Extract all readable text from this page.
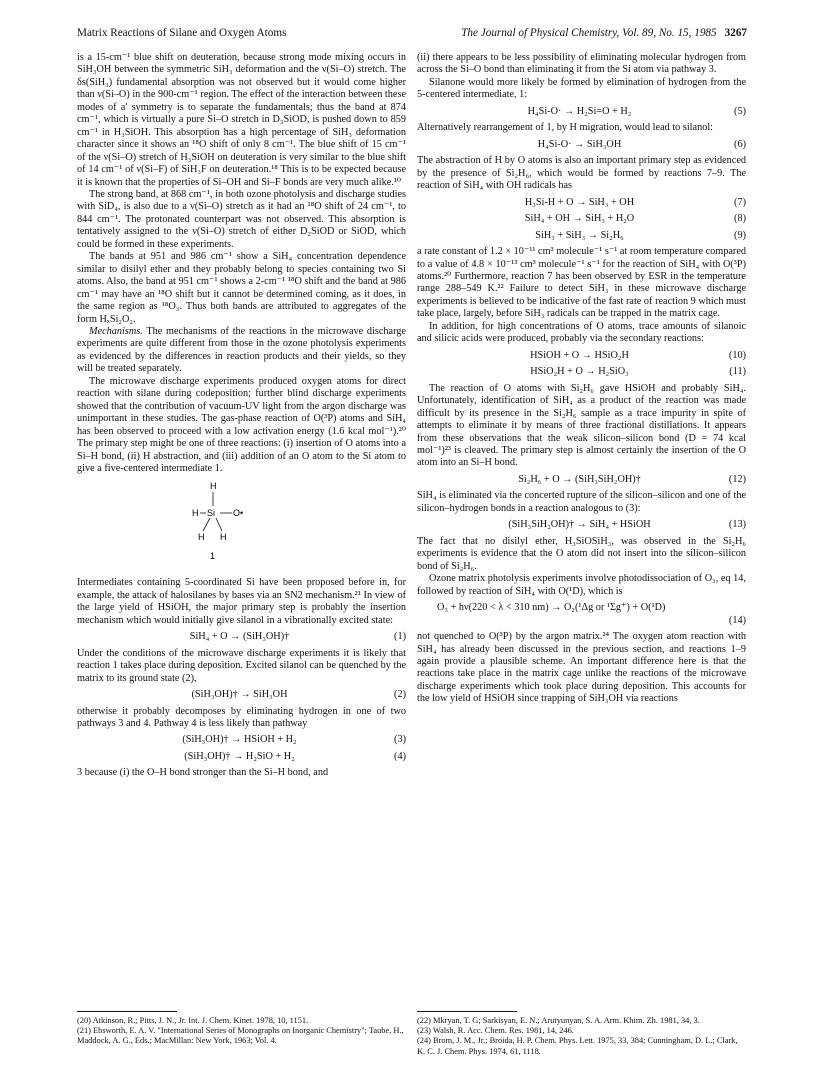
Matrix Reactions of Silane and Oxygen Atoms	The Journal of Physical Chemistry, Vol. 89, No. 15, 1985 3267

is a 15-cm⁻¹ blue shift on deuteration, because strong mode mixing occurs in SiH₃OH between the symmetric SiH₃ deformation and the ν(Si–O) stretch. The δs(SiH₃) fundamental absorption was not observed but it would come higher than ν(Si–O) in the 900-cm⁻¹ region. The effect of the interaction between these modes of a′ symmetry is to separate the fundamentals; thus the band at 874 cm⁻¹, which is virtually a pure Si–O stretch in D₃SiOD, is pushed down to 859 cm⁻¹ in H₃SiOH. This absorption has a high percentage of SiH₃ deformation character since it shows an ¹⁸O shift of only 8 cm⁻¹. The blue shift of 15 cm⁻¹ of the ν(Si–O) stretch of H₃SiOH on deuteration is very similar to the blue shift of 14 cm⁻¹ of ν(Si–F) of SiH₃F on deuteration.¹⁸ This is to be expected because it is known that the properties of Si–OH and Si–F bonds are very much alike.¹⁰

The strong band, at 868 cm⁻¹, in both ozone photolysis and discharge studies with SiD₄, is also due to a ν(Si–O) stretch as it had an ¹⁸O shift of 24 cm⁻¹, to 844 cm⁻¹. The protonated counterpart was not observed. This absorption is tentatively assigned to the ν(Si–O) stretch of either D₂SiOD or SiOD, which could be formed in these experiments.

The bands at 951 and 986 cm⁻¹ show a SiH₄ concentration dependence similar to disilyl ether and they probably belong to species containing two Si atoms. Also, the band at 951 cm⁻¹ shows a 2-cm⁻¹ ¹⁸O shift and the band at 986 cm⁻¹ may have an ¹⁸O shift but it cannot be determined coming, as it does, in the same region as ¹⁸O₃. Thus both bands are attributed to aggregates of the form HₓSi₂O₂.

Mechanisms. The mechanisms of the reactions in the microwave discharge experiments are quite different from those in the ozone photolysis experiments as evidenced by the differences in reaction products and their yields, so they will be treated separately.

The microwave discharge experiments produced oxygen atoms for direct reaction with silane during codeposition; further blind discharge experiments showed that the contribution of vacuum-UV light from the argon discharge was unimportant in these studies. The gas-phase reaction of O(³P) atoms and SiH₄ has been observed to proceed with a low activation energy (1.6 kcal mol⁻¹).²⁰ The primary step might be one of three reactions: (i) insertion of O atoms into a Si–H bond, (ii) H abstraction, and (iii) addition of an O atom to the Si atom to give a five-centered intermediate 1.

H
H Si O•
H H
1

Intermediates containing 5-coordinated Si have been proposed before in, for example, the attack of halosilanes by bases via an SN2 mechanism.²¹ In view of the large yield of HSiOH, the major primary step is probably the insertion mechanism which would initially give silanol in a vibrationally excited state:

SiH₄ + O → (SiH₃OH)†	(1)

Under the conditions of the microwave discharge experiments it is likely that reaction 1 takes place during deposition. Excited silanol can be quenched by the matrix to its ground state (2),

(SiH₃OH)† → SiH₃OH	(2)

otherwise it probably decomposes by eliminating hydrogen in one of two pathways 3 and 4. Pathway 4 is less likely than pathway

(SiH₃OH)† → HSiOH + H₂	(3)
(SiH₃OH)† → H₂SiO + H₂	(4)

3 because (i) the O–H bond stronger than the Si–H bond, and

(ii) there appears to be less possibility of eliminating molecular hydrogen from across the Si–O bond than eliminating it from the Si atom via pathway 3.

Silanone would more likely be formed by elimination of hydrogen from the 5-centered intermediate, 1:

H₄Si-O· → H₂Si=O + H₂	(5)

Alternatively rearrangement of 1, by H migration, would lead to silanol:

H₄Si-O· → SiH₃OH	(6)

The abstraction of H by O atoms is also an important primary step as evidenced by the presence of Si₂H₆, which would be formed by reactions 7–9. The reaction of SiH₄ with OH radicals has

H₃Si-H + O → SiH₃ + OH	(7)
SiH₄ + OH → SiH₃ + H₂O	(8)
SiH₃ + SiH₃ → Si₂H₆	(9)

a rate constant of 1.2 × 10⁻¹¹ cm³ molecule⁻¹ s⁻¹ at room temperature compared to a value of 4.8 × 10⁻¹³ cm³ molecule⁻¹ s⁻¹ for the reaction of SiH₄ with O(³P) atoms.²⁰ Furthermore, reaction 7 has been observed by ESR in the temperature range 288–549 K.²² Failure to detect SiH₃ in these microwave discharge experiments is believed to be indicative of the fast rate of reaction 9 which must take place, largely, before SiH₃ radicals can be trapped in the matrix cage.

In addition, for high concentrations of O atoms, trace amounts of silanoic and silicic acids were produced, probably via the secondary reactions:

HSiOH + O → HSiO₂H	(10)
HSiO₂H + O → H₂SiO₃	(11)

The reaction of O atoms with Si₂H₆ gave HSiOH and probably SiH₄. Unfortunately, identification of SiH₄ as a product of the reaction was made difficult by its presence in the Si₂H₆ sample as a trace impurity in spite of attempts to eliminate it by means of three fractional distillations. It appears from these observations that the weak silicon–silicon bond (D = 74 kcal mol⁻¹)²³ is cleaved. The primary step is almost certainly the insertion of the O atom into an Si–H bond.

Si₂H₆ + O → (SiH₃SiH₂OH)†	(12)

SiH₄ is eliminated via the concerted rupture of the silicon–silicon and one of the silicon–hydrogen bonds in a reaction analogous to (3):

(SiH₃SiH₂OH)† → SiH₄ + HSiOH	(13)

The fact that no disilyl ether, H₃SiOSiH₃, was observed in the Si₂H₆ experiments is evidence that the O atom did not insert into the silicon–silicon bond of Si₂H₆.

Ozone matrix photolysis experiments involve photodissociation of O₃, eq 14, followed by reaction of SiH₄ with O(¹D), which is

O₃ + hν(220 < λ < 310 nm) → O₂(¹Δg or ¹Σg⁺) + O(¹D)
(14)

not quenched to O(³P) by the argon matrix.²⁴ The oxygen atom reaction with SiH₄ has already been discussed in the previous section, and reactions 1–9 again provide a plausible scheme. An important difference here is that the reactions take place in the matrix cage unlike the reactions of the microwave discharge experiments which took place during deposition. This accounts for the low yield of HSiOH since trapping of SiH₃OH via reactions

(20) Atkinson, R.; Pitts, J. N., Jr. Int. J. Chem. Kinet. 1978, 10, 1151.

(21) Ebsworth, E. A. V. "International Series of Monographs on Inorganic Chemistry"; Taube, H., Maddock, A. G., Eds.; MacMillan: New York, 1963; Vol. 4.

(22) Mkryan, T. G; Sarkisyan, E. N.; Arutyunyan, S. A. Arm. Khim. Zh. 1981, 34, 3.

(23) Walsh, R. Acc. Chem. Res. 1981, 14, 246.

(24) Brom, J. M., Jr.; Broida, H. P. Chem. Phys. Lett. 1975, 33, 384; Cunningham, D. L.; Clark, K. C. J. Chem. Phys. 1974, 61, 1118.
